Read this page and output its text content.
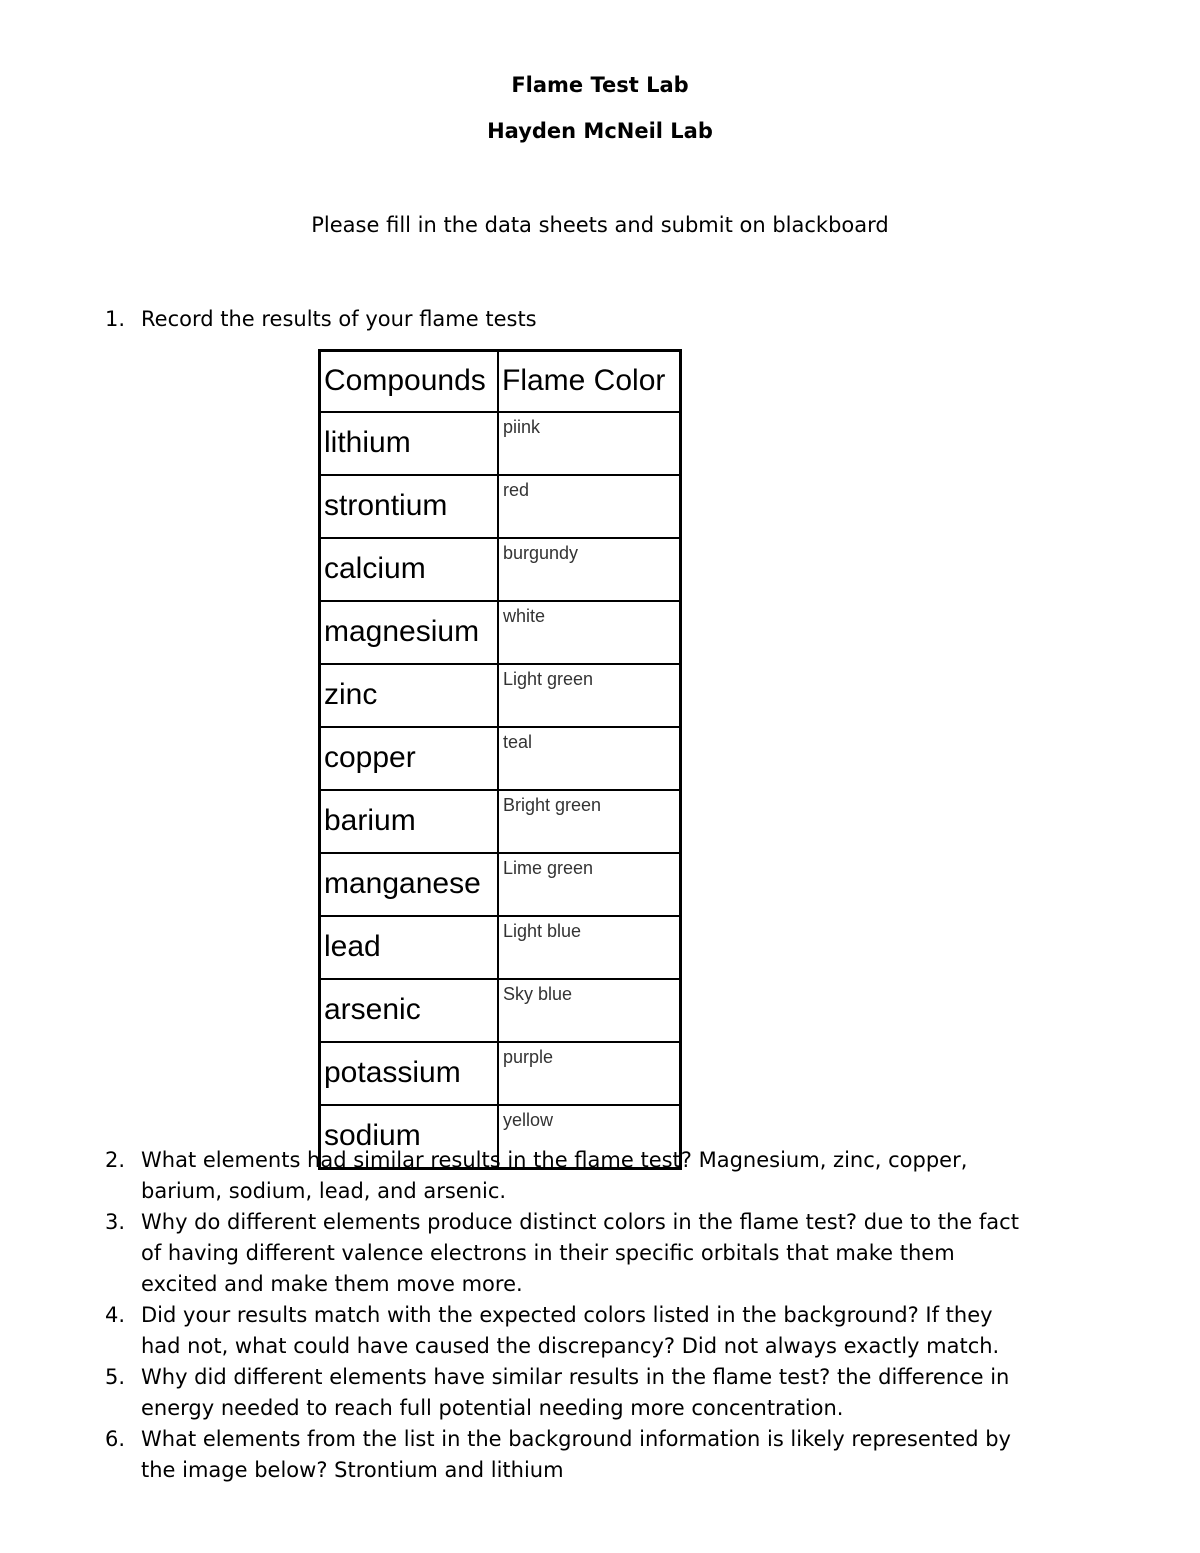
Flame Test Lab
Hayden McNeil Lab
Please fill in the data sheets and submit on blackboard
1. Record the results of your flame tests
Compounds	Flame Color
lithium	piink
strontium	red
calcium	burgundy
magnesium	white
zinc	Light green
copper	teal
barium	Bright green
manganese	Lime green
lead	Light blue
arsenic	Sky blue
potassium	purple
sodium	yellow
2. What elements had similar results in the flame test? Magnesium, zinc, copper,
barium, sodium, lead, and arsenic.
3. Why do different elements produce distinct colors in the flame test? due to the fact
of having different valence electrons in their specific orbitals that make them
excited and make them move more.
4. Did your results match with the expected colors listed in the background? If they
had not, what could have caused the discrepancy? Did not always exactly match.
5. Why did different elements have similar results in the flame test? the difference in
energy needed to reach full potential needing more concentration.
6. What elements from the list in the background information is likely represented by
the image below? Strontium and lithium
